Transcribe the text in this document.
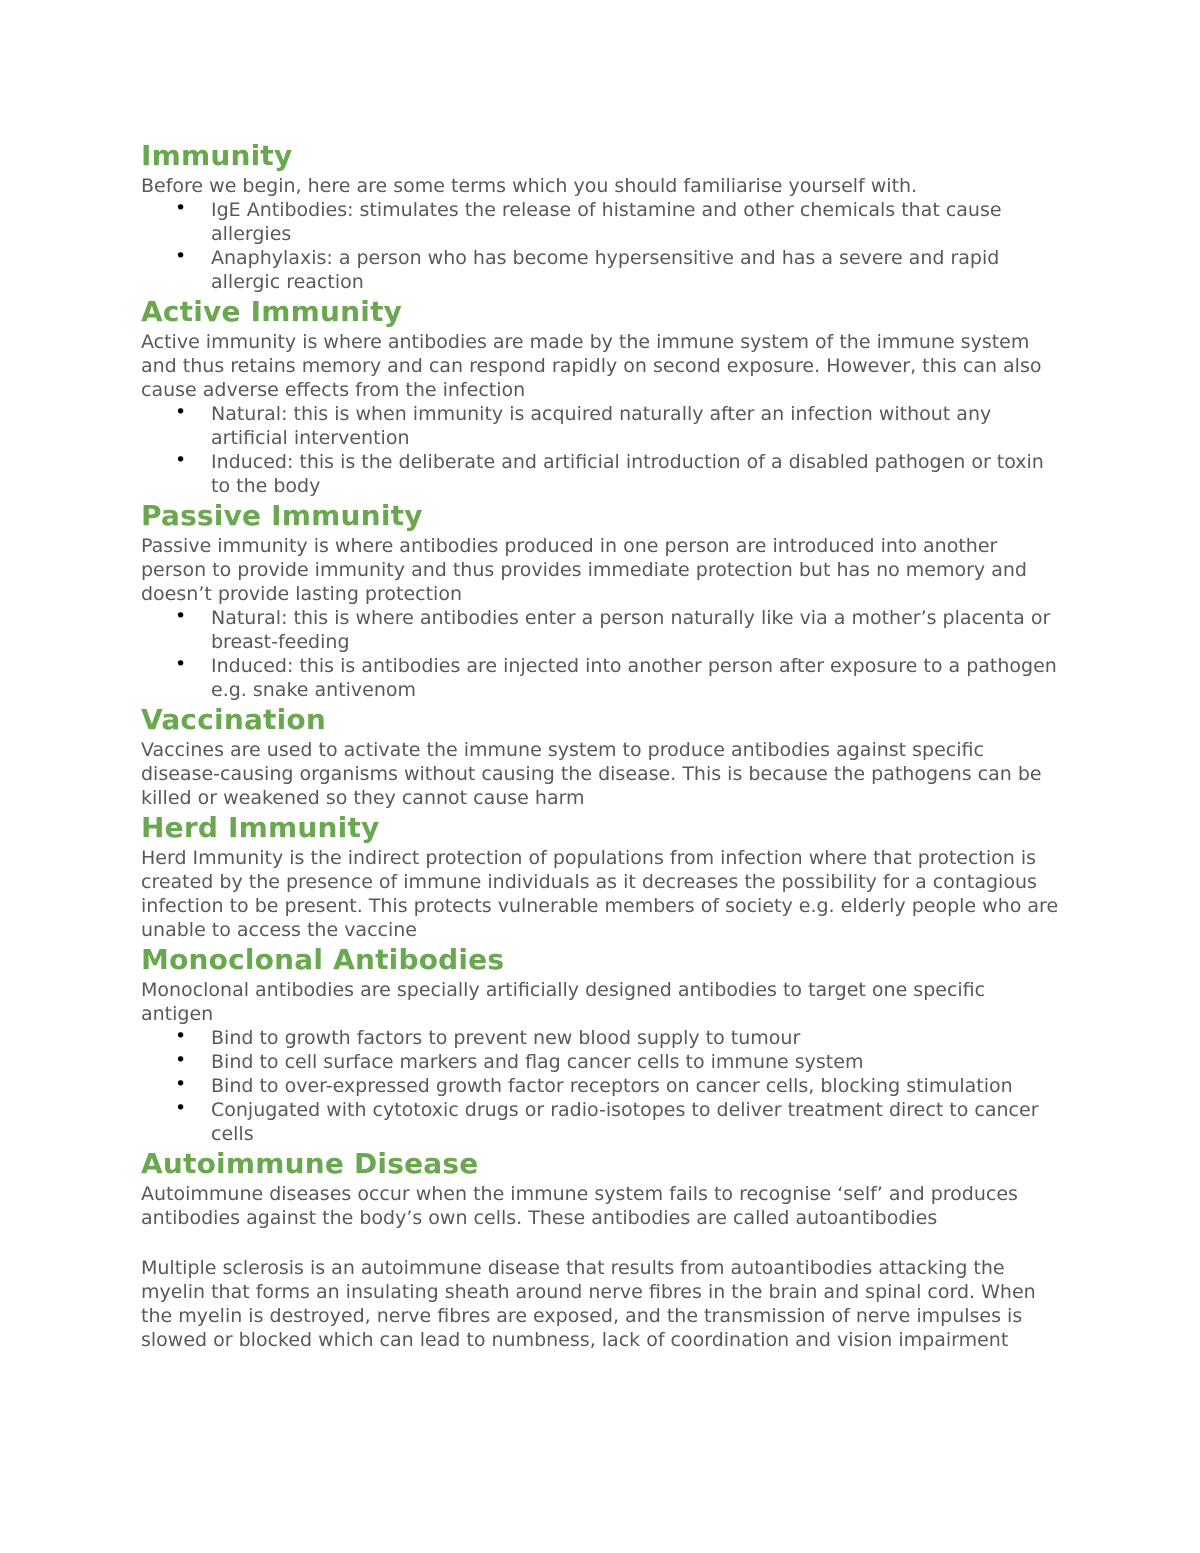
Immunity

Before we begin, here are some terms which you should familiarise yourself with.

• IgE Antibodies: stimulates the release of histamine and other chemicals that cause allergies
• Anaphylaxis: a person who has become hypersensitive and has a severe and rapid allergic reaction
Active Immunity

Active immunity is where antibodies are made by the immune system of the immune system and thus retains memory and can respond rapidly on second exposure. However, this can also cause adverse effects from the infection

• Natural: this is when immunity is acquired naturally after an infection without any artificial intervention
• Induced: this is the deliberate and artificial introduction of a disabled pathogen or toxin to the body
Passive Immunity

Passive immunity is where antibodies produced in one person are introduced into another person to provide immunity and thus provides immediate protection but has no memory and doesn’t provide lasting protection

• Natural: this is where antibodies enter a person naturally like via a mother’s placenta or breast-feeding
• Induced: this is antibodies are injected into another person after exposure to a pathogen e.g. snake antivenom
Vaccination

Vaccines are used to activate the immune system to produce antibodies against specific disease-causing organisms without causing the disease. This is because the pathogens can be killed or weakened so they cannot cause harm

Herd Immunity

Herd Immunity is the indirect protection of populations from infection where that protection is created by the presence of immune individuals as it decreases the possibility for a contagious infection to be present. This protects vulnerable members of society e.g. elderly people who are unable to access the vaccine

Monoclonal Antibodies

Monoclonal antibodies are specially artificially designed antibodies to target one specific antigen

• Bind to growth factors to prevent new blood supply to tumour
• Bind to cell surface markers and flag cancer cells to immune system
• Bind to over-expressed growth factor receptors on cancer cells, blocking stimulation
• Conjugated with cytotoxic drugs or radio-isotopes to deliver treatment direct to cancer cells
Autoimmune Disease

Autoimmune diseases occur when the immune system fails to recognise ‘self’ and produces antibodies against the body’s own cells. These antibodies are called autoantibodies

Multiple sclerosis is an autoimmune disease that results from autoantibodies attacking the myelin that forms an insulating sheath around nerve fibres in the brain and spinal cord. When the myelin is destroyed, nerve fibres are exposed, and the transmission of nerve impulses is slowed or blocked which can lead to numbness, lack of coordination and vision impairment
